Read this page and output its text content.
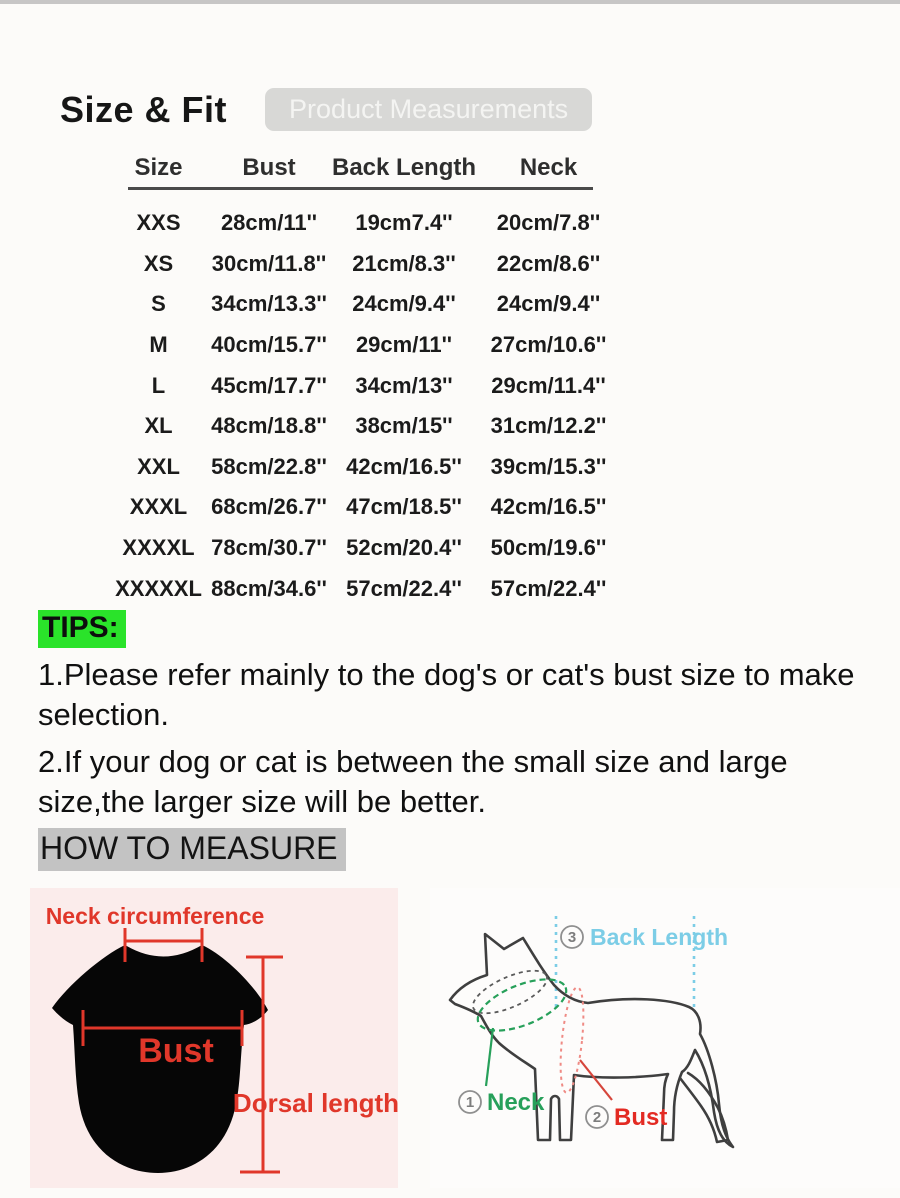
Size & Fit	Product Measurements
Size	Bust	Back Length	Neck
XXS	28cm/11''	19cm7.4''	20cm/7.8''
XS	30cm/11.8''	21cm/8.3''	22cm/8.6''
S	34cm/13.3''	24cm/9.4''	24cm/9.4''
M	40cm/15.7''	29cm/11''	27cm/10.6''
L	45cm/17.7''	34cm/13''	29cm/11.4''
XL	48cm/18.8''	38cm/15''	31cm/12.2''
XXL	58cm/22.8'' 42cm/16.5''	39cm/15.3''
XXXL	68cm/26.7'' 47cm/18.5''	42cm/16.5''
XXXXL 78cm/30.7'' 52cm/20.4''	50cm/19.6''
XXXXXL 88cm/34.6'' 57cm/22.4''	57cm/22.4''
TIPS:

1.Please refer mainly to the dog's or cat's bust size to make selection.

2.If your dog or cat is between the small size and large size,the larger size will be better.

HOW TO MEASURE
Neck circumference
Bust
Dorsal length
3 Back Length
1 Neck
2 Bust
